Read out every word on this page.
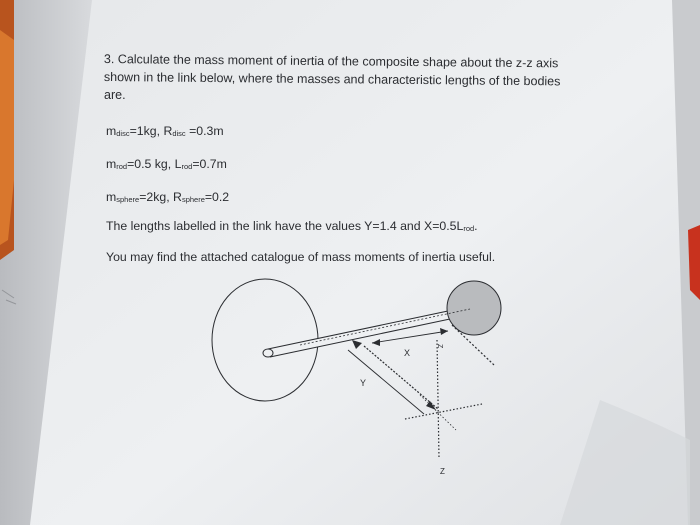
3. Calculate the mass moment of inertia of the composite shape about the z-z axis
shown in the link below, where the masses and characteristic lengths of the bodies
are.
$m_{disc}=1kg$, $R_{disc} =0.3m$
$m_{rod}=0.5$ kg, $L_{rod}=0.7m$
$m_{sphere}=2kg$, $R_{sphere}=0.2$
The lengths labelled in the link have the values Y=1.4 and $X=0.5L_{rod}$.
You may find the attached catalogue of mass moments of inertia useful.
X
Y
Z
Z
